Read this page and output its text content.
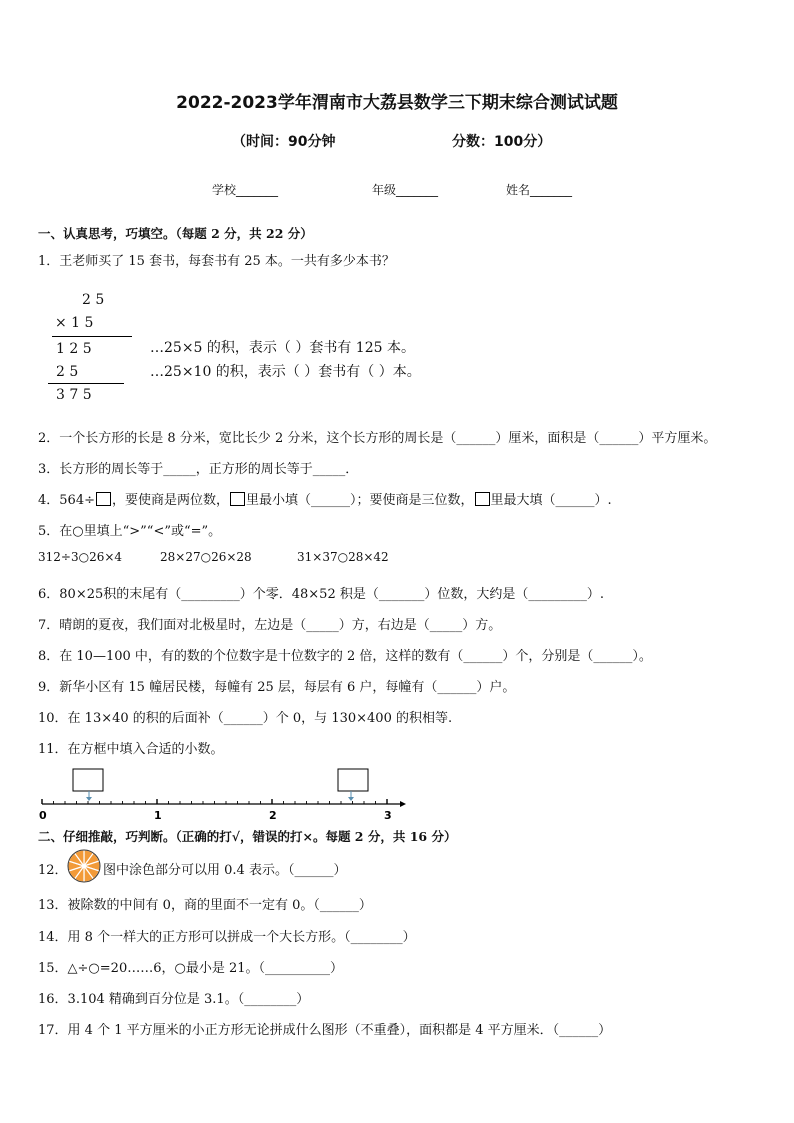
2022-2023学年渭南市大荔县数学三下期末综合测试试题
（时间：90分钟	分数：100分）
学校_______	年级_______	姓名_______
一、认真思考，巧填空。（每题 2 分，共 22 分）
1．王老师买了 15 套书，每套书有 25 本。一共有多少本书？
2 5
× 1 5
1 2 5
2 5
3 7 5
…25×5 的积，表示（ ）套书有 125 本。
…25×10 的积，表示（ ）套书有（ ）本。
2．一个长方形的长是 8 分米，宽比长少 2 分米，这个长方形的周长是（______）厘米，面积是（______）平方厘米。
3．长方形的周长等于_____，正方形的周长等于_____．
4．564÷ ，要使商是两位数， 里最小填（______）；要使商是三位数， 里最大填（______）.
5．在○里填上“>”“<”或“=”。
312÷3○26×4	28×27○26×28	31×37○28×42
6．80×25积的末尾有（_________）个零．48×52 积是（_______）位数，大约是（_________）.
7．晴朗的夏夜，我们面对北极星时，左边是（_____）方，右边是（_____）方。
8．在 10—100 中，有的数的个位数字是十位数字的 2 倍，这样的数有（______）个，分别是（______）。
9．新华小区有 15 幢居民楼，每幢有 25 层，每层有 6 户，每幢有（______）户。
10．在 13×40 的积的后面补（______）个 0，与 130×400 的积相等.
11．在方框中填入合适的小数。
0	1	2	3
二、仔细推敲，巧判断。（正确的打√，错误的打×。每题 2 分，共 16 分）
12．	图中涂色部分可以用 0.4 表示。（______）
13．被除数的中间有 0，商的里面不一定有 0。（______）
14．用 8 个一样大的正方形可以拼成一个大长方形。（________）
15．△÷○=20……6，○最小是 21。（__________）
16．3.104 精确到百分位是 3.1。（________）
17．用 4 个 1 平方厘米的小正方形无论拼成什么图形（不重叠），面积都是 4 平方厘米．（______）
